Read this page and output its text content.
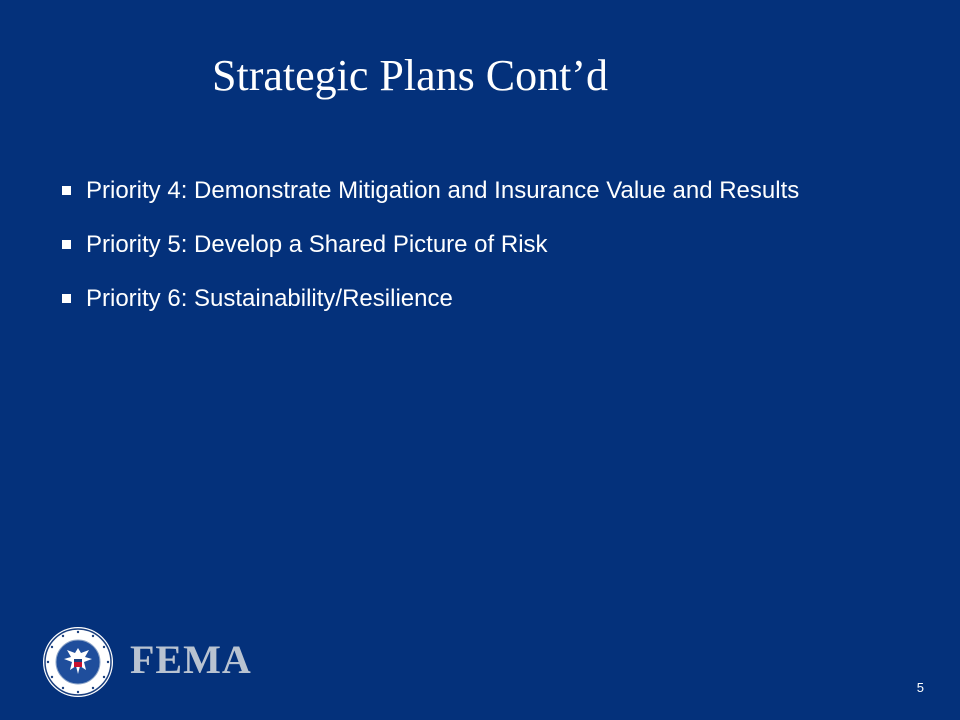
Strategic Plans Cont’d
Priority 4: Demonstrate Mitigation and Insurance Value and Results
Priority 5: Develop a Shared Picture of Risk
Priority 6: Sustainability/Resilience
FEMA
5
